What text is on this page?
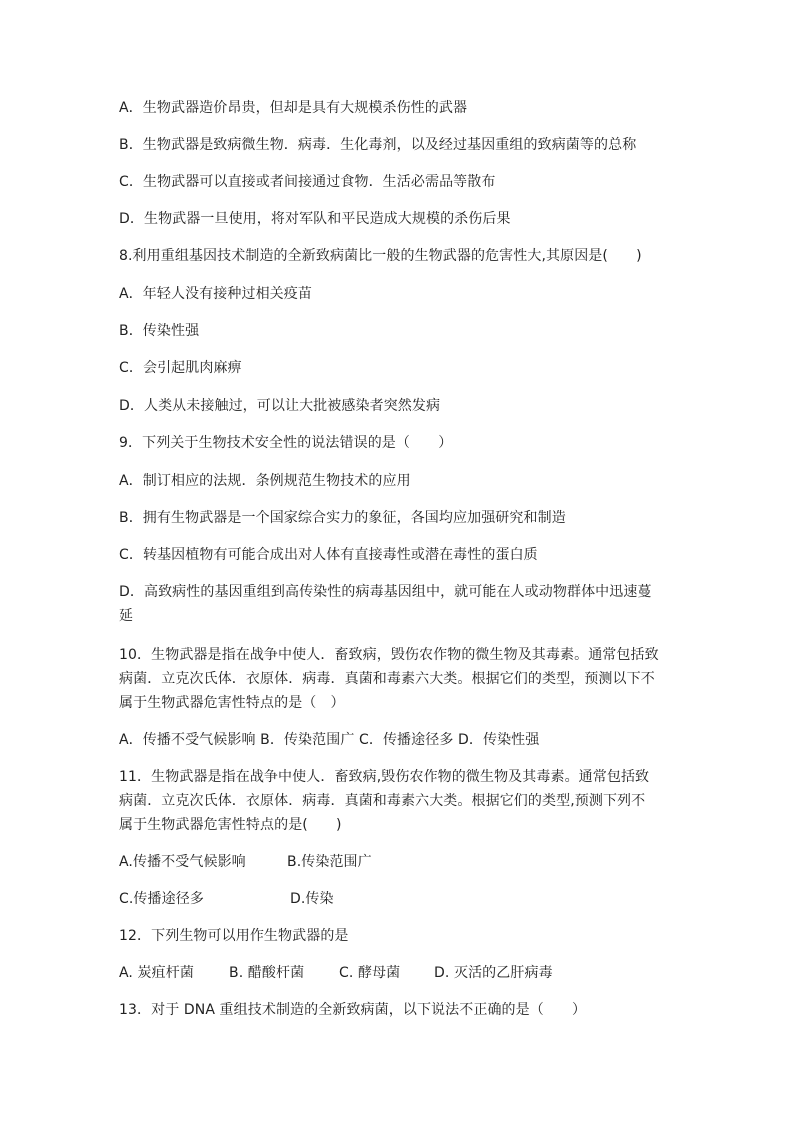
A．生物武器造价昂贵，但却是具有大规模杀伤性的武器
B．生物武器是致病微生物．病毒．生化毒剂，以及经过基因重组的致病菌等的总称
C．生物武器可以直接或者间接通过食物．生活必需品等散布
D．生物武器一旦使用，将对军队和平民造成大规模的杀伤后果
8.利用重组基因技术制造的全新致病菌比一般的生物武器的危害性大,其原因是(　　)
A．年轻人没有接种过相关疫苗
B．传染性强
C．会引起肌肉麻痹
D．人类从未接触过，可以让大批被感染者突然发病
9．下列关于生物技术安全性的说法错误的是（　　）
A．制订相应的法规．条例规范生物技术的应用
B．拥有生物武器是一个国家综合实力的象征，各国均应加强研究和制造
C．转基因植物有可能合成出对人体有直接毒性或潜在毒性的蛋白质
D．高致病性的基因重组到高传染性的病毒基因组中，就可能在人或动物群体中迅速蔓
延
10．生物武器是指在战争中使人．畜致病，毁伤农作物的微生物及其毒素。通常包括致
病菌．立克次氏体．衣原体．病毒．真菌和毒素六大类。根据它们的类型，预测以下不
属于生物武器危害性特点的是（　）
A．传播不受气候影响 B．传染范围广 C．传播途径多 D．传染性强
11．生物武器是指在战争中使人．畜致病,毁伤农作物的微生物及其毒素。通常包括致
病菌．立克次氏体．衣原体．病毒．真菌和毒素六大类。根据它们的类型,预测下列不
属于生物武器危害性特点的是(　　)
A.传播不受气候影响	B.传染范围广
C.传播途径多	D.传染
12．下列生物可以用作生物武器的是
A. 炭疽杆菌	B. 醋酸杆菌 C. 酵母菌 D. 灭活的乙肝病毒
13．对于 DNA 重组技术制造的全新致病菌，以下说法不正确的是（　　）
